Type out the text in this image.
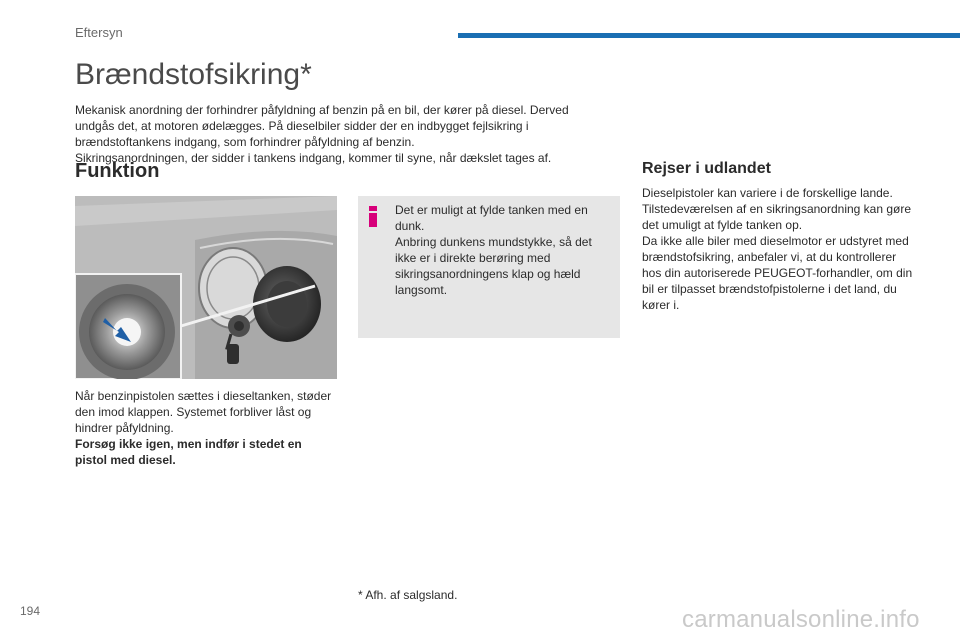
Eftersyn
Brændstofsikring*

Mekanisk anordning der forhindrer påfyldning af benzin på en bil, der kører på diesel. Derved undgås det, at motoren ødelægges. På dieselbiler sidder der en indbygget fejlsikring i brændstoftankens indgang, som forhindrer påfyldning af benzin.

Sikringsanordningen, der sidder i tankens indgang, kommer til syne, når dækslet tages af.

Funktion	Rejser i udlandet

Det er muligt at fylde tanken med en dunk.

Anbring dunkens mundstykke, så det ikke er i direkte berøring med sikringsanordningens klap og hæld langsomt.

Når benzinpistolen sættes i dieseltanken, støder den imod klappen. Systemet forbliver låst og hindrer påfyldning.

Forsøg ikke igen, men indfør i stedet en pistol med diesel.

Dieselpistoler kan variere i de forskellige lande.

Tilstedeværelsen af en sikringsanordning kan gøre det umuligt at fylde tanken op.

Da ikke alle biler med dieselmotor er udstyret med brændstofsikring, anbefaler vi, at du kontrollerer hos din autoriserede PEUGEOT-forhandler, om din bil er tilpasset brændstofpistolerne i det land, du kører i.

* Afh. af salgsland.
194	carmanualsonline.info
